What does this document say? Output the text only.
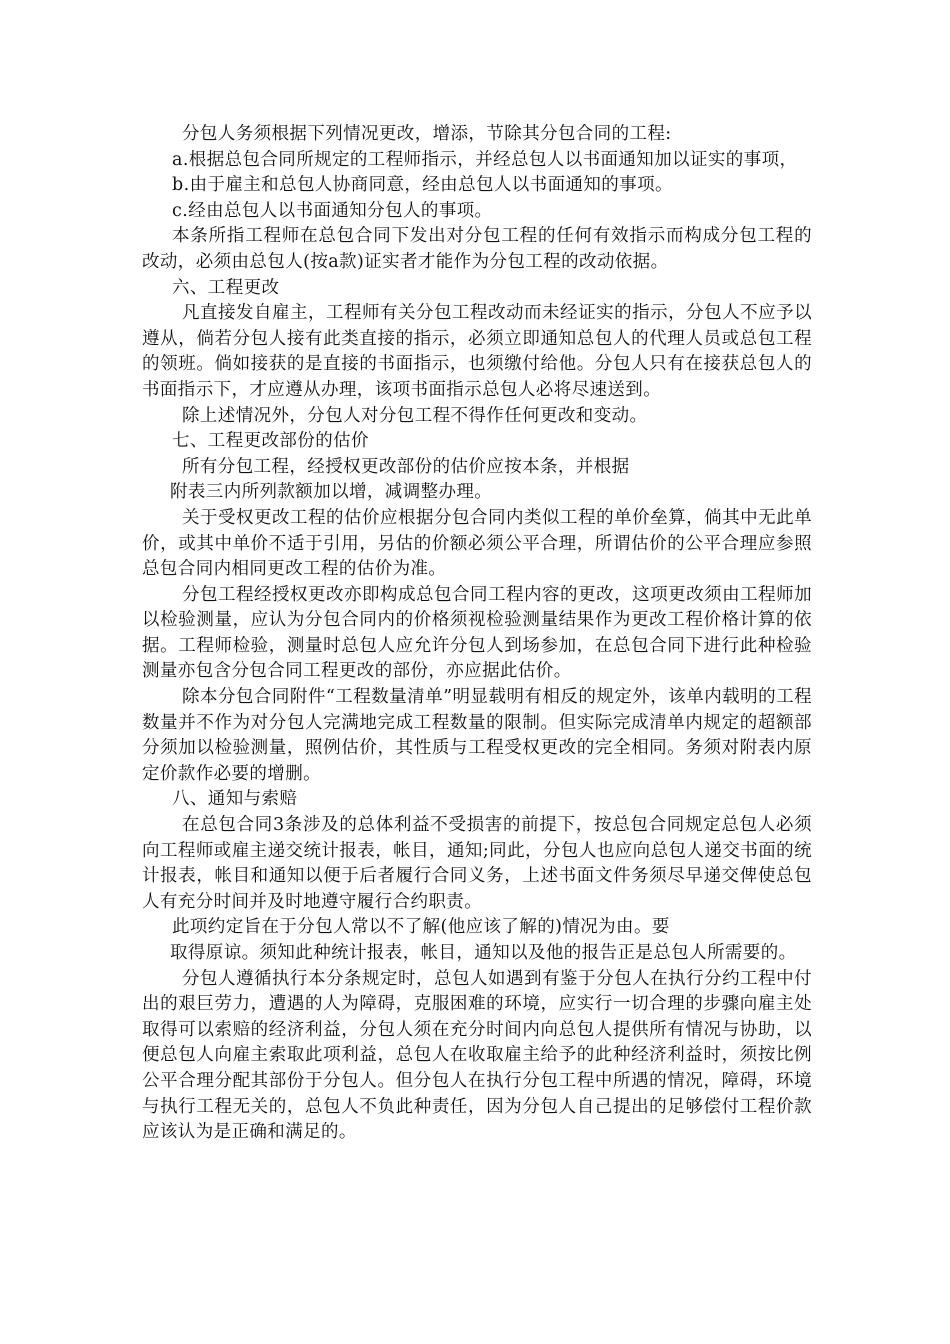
分包人务须根据下列情况更改，增添，节除其分包合同的工程:

a.根据总包合同所规定的工程师指示，并经总包人以书面通知加以证实的事项，

b.由于雇主和总包人协商同意，经由总包人以书面通知的事项。

c.经由总包人以书面通知分包人的事项。

本条所指工程师在总包合同下发出对分包工程的任何有效指示而构成分包工程的改动，必须由总包人(按a款)证实者才能作为分包工程的改动依据。

六、工程更改

凡直接发自雇主，工程师有关分包工程改动而未经证实的指示，分包人不应予以遵从，倘若分包人接有此类直接的指示，必须立即通知总包人的代理人员或总包工程的领班。倘如接获的是直接的书面指示，也须缴付给他。分包人只有在接获总包人的书面指示下，才应遵从办理，该项书面指示总包人必将尽速送到。

除上述情况外，分包人对分包工程不得作任何更改和变动。

七、工程更改部份的估价

所有分包工程，经授权更改部份的估价应按本条，并根据

附表三内所列款额加以增，减调整办理。

关于受权更改工程的估价应根据分包合同内类似工程的单价垒算，倘其中无此单价，或其中单价不适于引用，另估的价额必须公平合理，所谓估价的公平合理应参照总包合同内相同更改工程的估价为准。

分包工程经授权更改亦即构成总包合同工程内容的更改，这项更改须由工程师加以检验测量，应认为分包合同内的价格须视检验测量结果作为更改工程价格计算的依据。工程师检验，测量时总包人应允许分包人到场参加，在总包合同下进行此种检验测量亦包含分包合同工程更改的部份，亦应据此估价。

除本分包合同附件“工程数量清单”明显载明有相反的规定外，该单内载明的工程数量并不作为对分包人完满地完成工程数量的限制。但实际完成清单内规定的超额部分须加以检验测量，照例估价，其性质与工程受权更改的完全相同。务须对附表内原定价款作必要的增删。

八、通知与索赔

在总包合同3条涉及的总体利益不受损害的前提下，按总包合同规定总包人必须向工程师或雇主递交统计报表，帐目，通知;同此，分包人也应向总包人递交书面的统计报表，帐目和通知以便于后者履行合同义务，上述书面文件务须尽早递交俾使总包人有充分时间并及时地遵守履行合约职责。

此项约定旨在于分包人常以不了解(他应该了解的)情况为由。要

取得原谅。须知此种统计报表，帐目，通知以及他的报告正是总包人所需要的。

分包人遵循执行本分条规定时，总包人如遇到有鉴于分包人在执行分约工程中付出的艰巨劳力，遭遇的人为障碍，克服困难的环境，应实行一切合理的步骤向雇主处取得可以索赔的经济利益，分包人须在充分时间内向总包人提供所有情况与协助，以便总包人向雇主索取此项利益，总包人在收取雇主给予的此种经济利益时，须按比例公平合理分配其部份于分包人。但分包人在执行分包工程中所遇的情况，障碍，环境与执行工程无关的，总包人不负此种责任，因为分包人自己提出的足够偿付工程价款应该认为是正确和满足的。
